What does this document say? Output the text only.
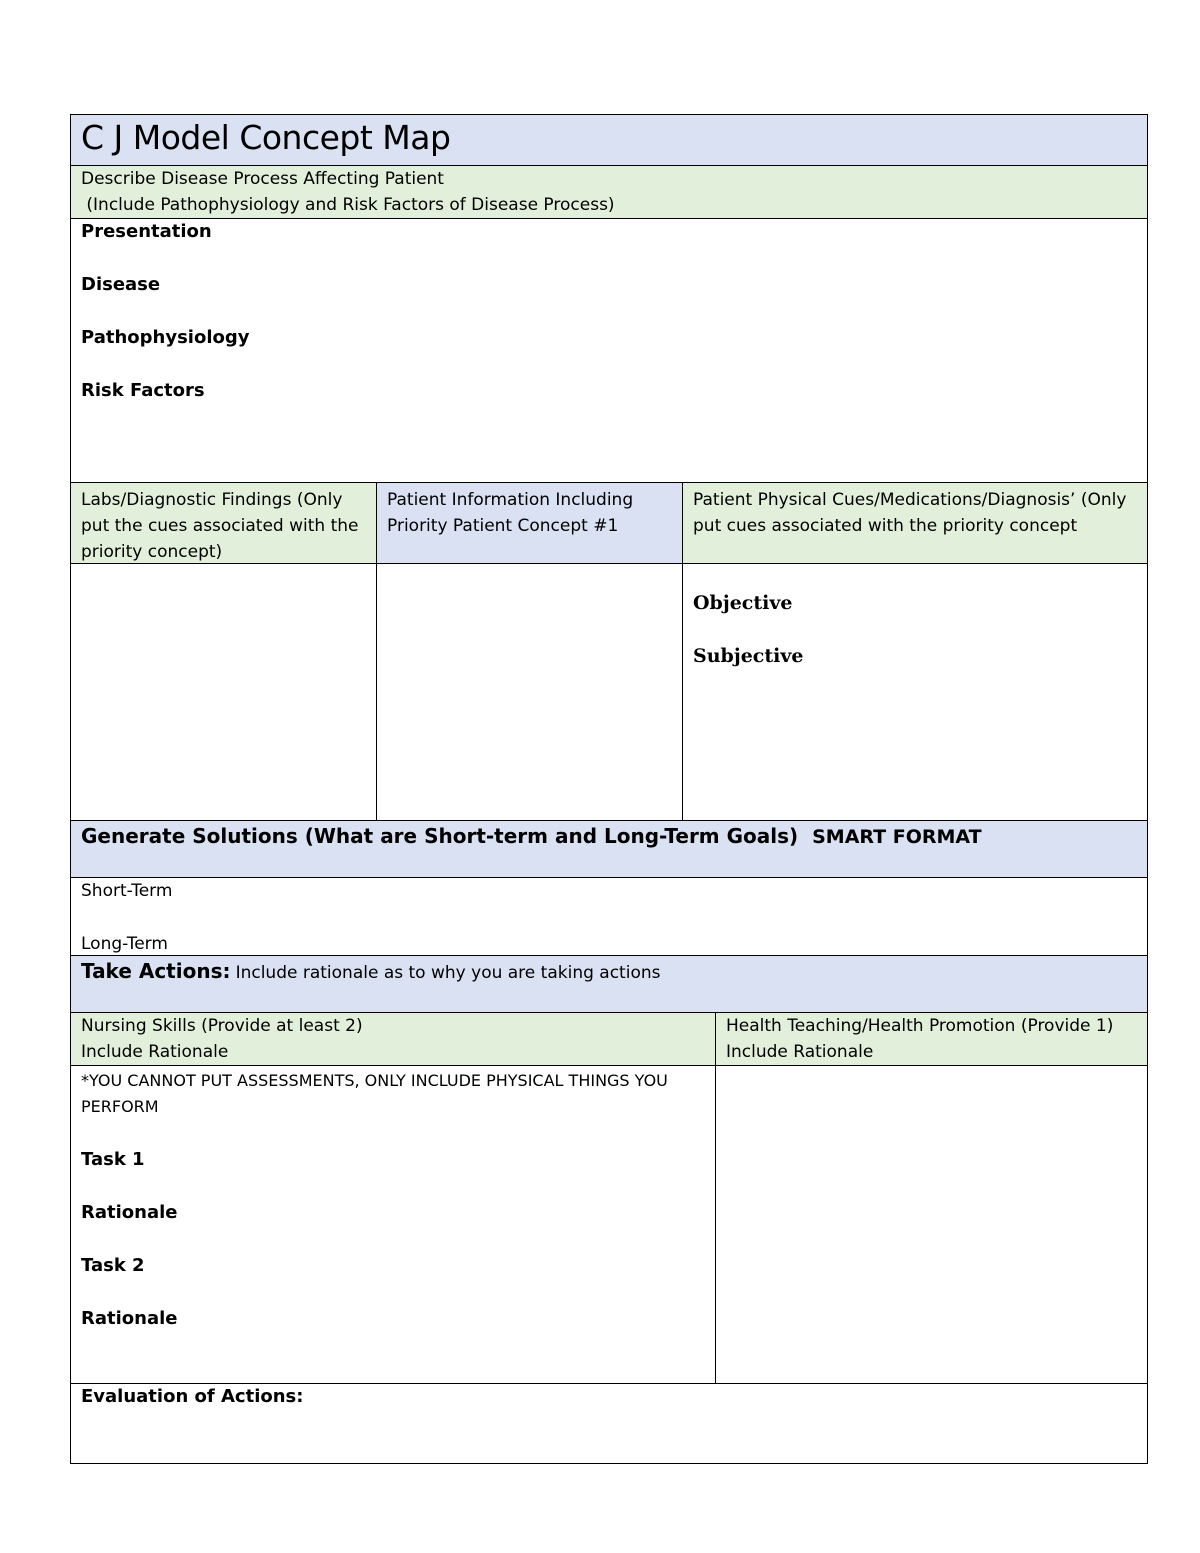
C J Model Concept Map
Describe Disease Process Affecting Patient
(Include Pathophysiology and Risk Factors of Disease Process)

Presentation

Disease

Pathophysiology

Risk Factors

Labs/Diagnostic Findings (Only put the cues associated with the priority concept)
Patient Information Including Priority Patient Concept #1
Patient Physical Cues/Medications/Diagnosis’ (Only put cues associated with the priority concept

Objective

Subjective

Generate Solutions (What are Short-term and Long-Term Goals) SMART FORMAT
Short-Term
Long-Term
Take Actions: Include rationale as to why you are taking actions
Nursing Skills (Provide at least 2)
Include Rationale
Health Teaching/Health Promotion (Provide 1)
Include Rationale
*YOU CANNOT PUT ASSESSMENTS, ONLY INCLUDE PHYSICAL THINGS YOU PERFORM

Task 1

Rationale

Task 2

Rationale

Evaluation of Actions:
